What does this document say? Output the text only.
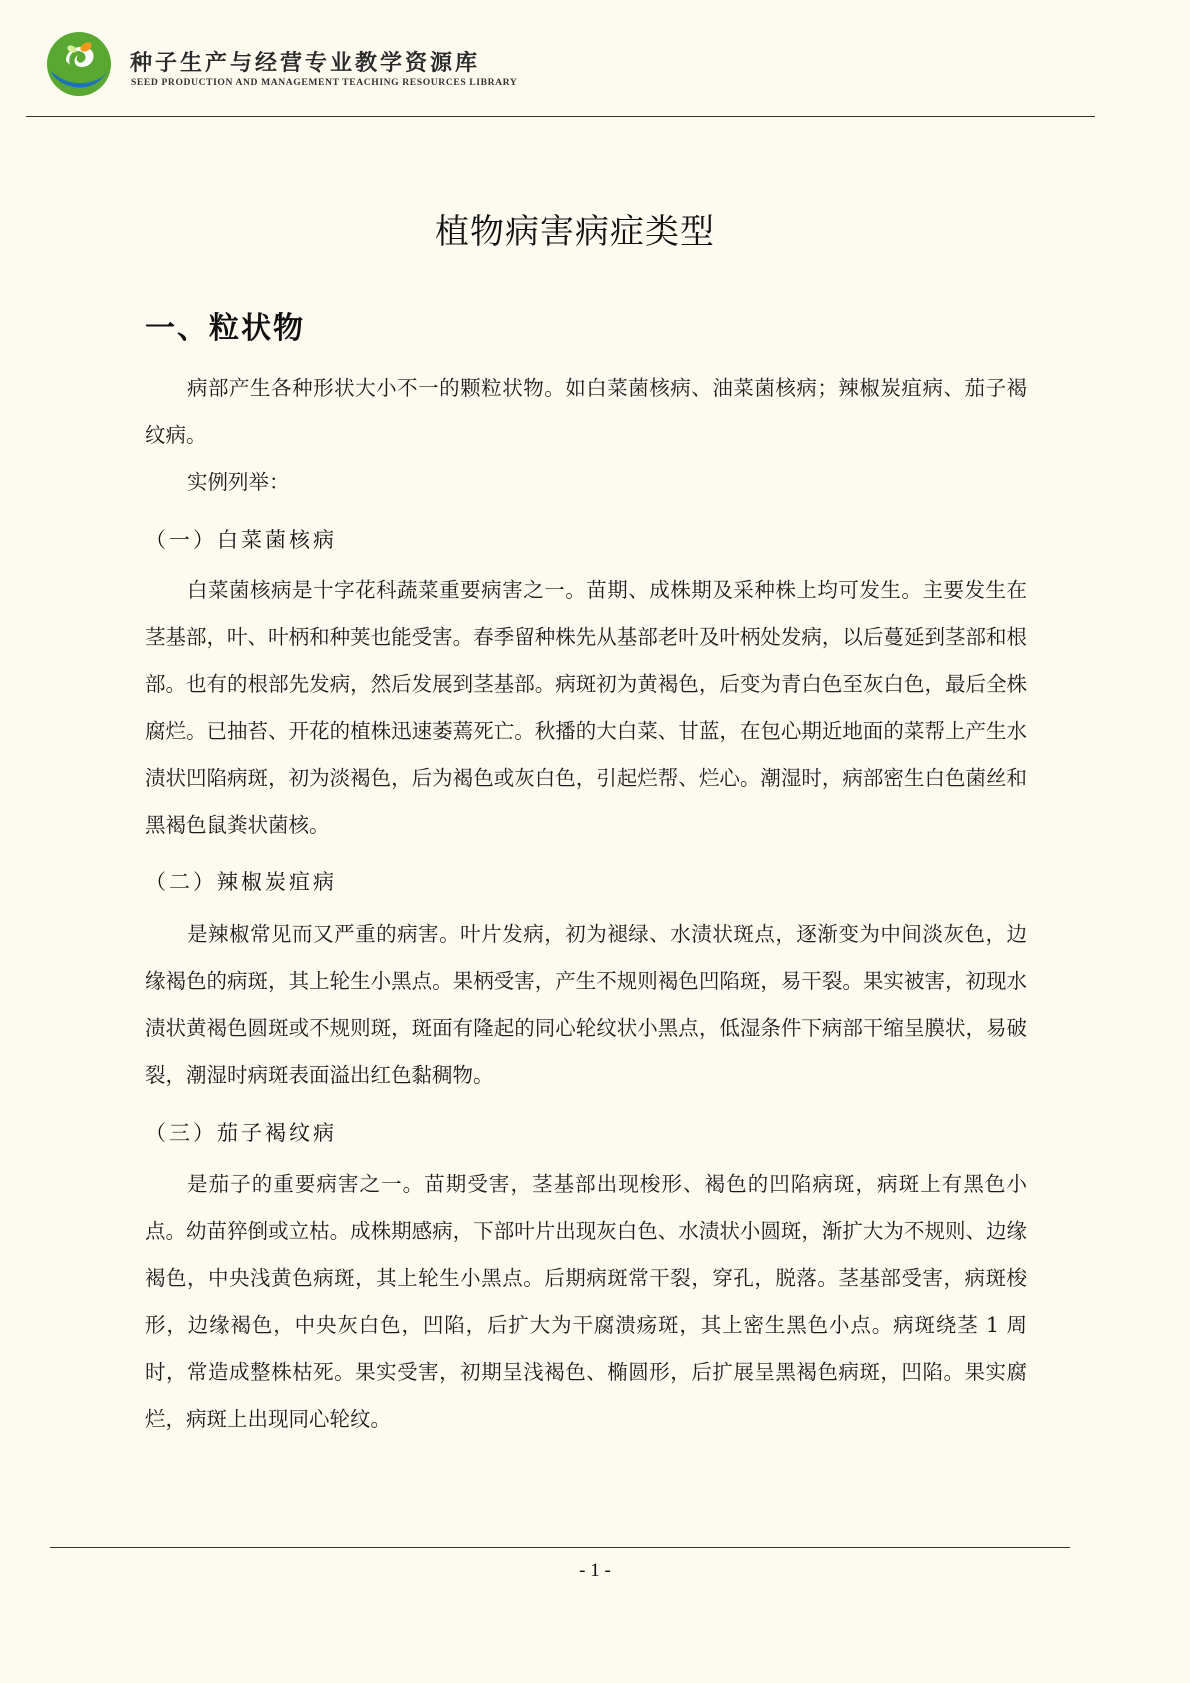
种子生产与经营专业教学资源库
SEED PRODUCTION AND MANAGEMENT TEACHING RESOURCES LIBRARY
植物病害病症类型
一、粒状物
病部产生各种形状大小不一的颗粒状物。如白菜菌核病、油菜菌核病；辣椒炭疽病、茄子褐纹病。
实例列举：
（一）白菜菌核病
白菜菌核病是十字花科蔬菜重要病害之一。苗期、成株期及采种株上均可发生。主要发生在茎基部，叶、叶柄和种荚也能受害。春季留种株先从基部老叶及叶柄处发病，以后蔓延到茎部和根部。也有的根部先发病，然后发展到茎基部。病斑初为黄褐色，后变为青白色至灰白色，最后全株腐烂。已抽苔、开花的植株迅速萎蔫死亡。秋播的大白菜、甘蓝，在包心期近地面的菜帮上产生水渍状凹陷病斑，初为淡褐色，后为褐色或灰白色，引起烂帮、烂心。潮湿时，病部密生白色菌丝和黑褐色鼠粪状菌核。
（二）辣椒炭疽病
是辣椒常见而又严重的病害。叶片发病，初为褪绿、水渍状斑点，逐渐变为中间淡灰色，边缘褐色的病斑，其上轮生小黑点。果柄受害，产生不规则褐色凹陷斑，易干裂。果实被害，初现水渍状黄褐色圆斑或不规则斑，斑面有隆起的同心轮纹状小黑点，低湿条件下病部干缩呈膜状，易破裂，潮湿时病斑表面溢出红色黏稠物。
（三）茄子褐纹病
是茄子的重要病害之一。苗期受害，茎基部出现梭形、褐色的凹陷病斑，病斑上有黑色小点。幼苗猝倒或立枯。成株期感病，下部叶片出现灰白色、水渍状小圆斑，渐扩大为不规则、边缘褐色，中央浅黄色病斑，其上轮生小黑点。后期病斑常干裂，穿孔，脱落。茎基部受害，病斑梭形，边缘褐色，中央灰白色，凹陷，后扩大为干腐溃疡斑，其上密生黑色小点。病斑绕茎 1 周时，常造成整株枯死。果实受害，初期呈浅褐色、椭圆形，后扩展呈黑褐色病斑，凹陷。果实腐烂，病斑上出现同心轮纹。
- 1 -
